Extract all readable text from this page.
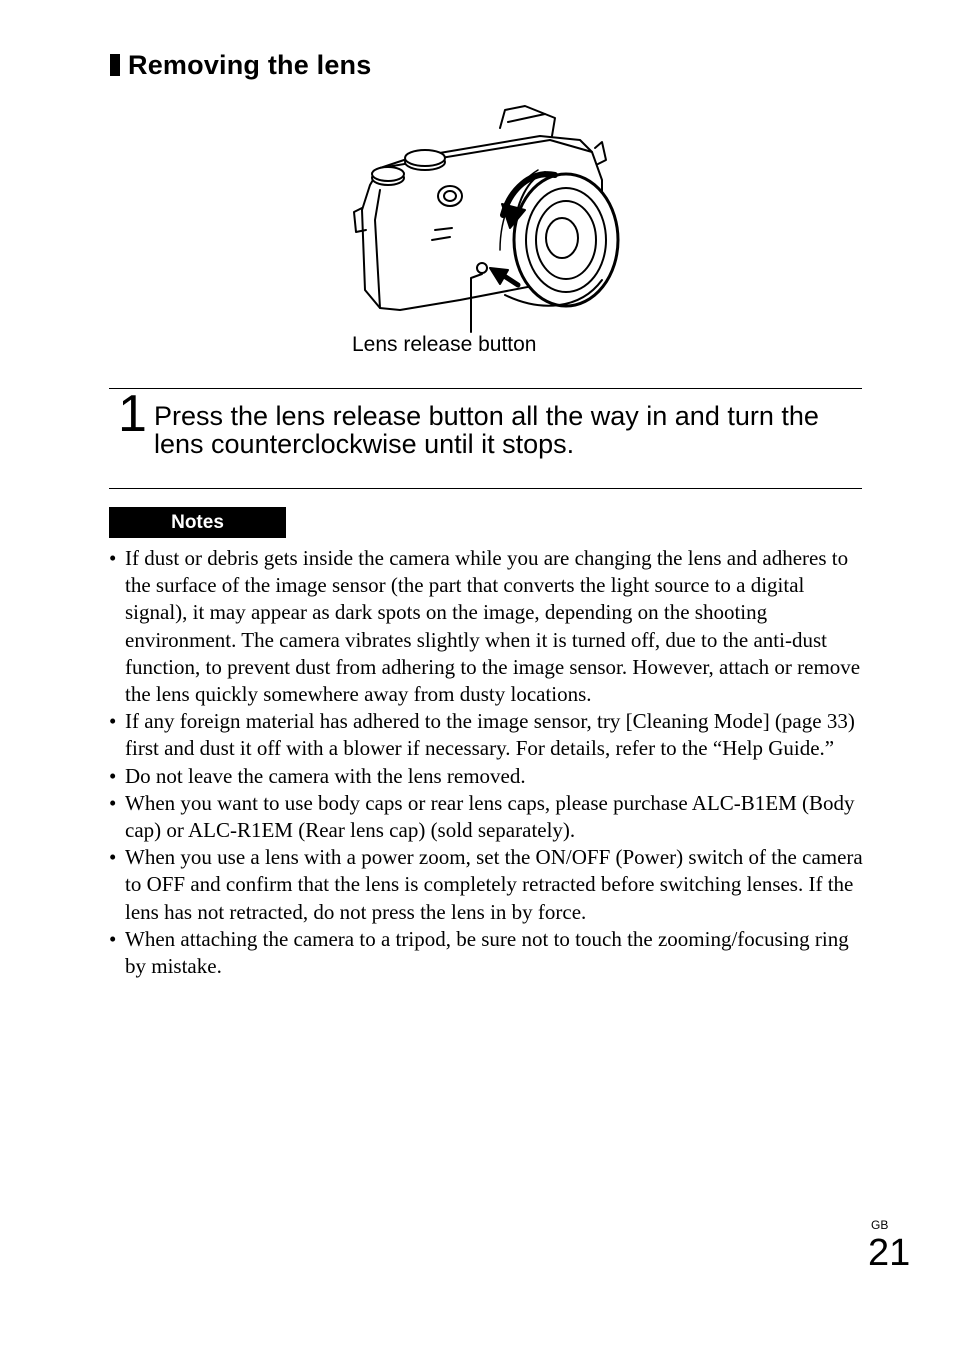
Removing the lens
Lens release button
1 Press the lens release button all the way in and turn the lens counterclockwise until it stops.
Notes
• If dust or debris gets inside the camera while you are changing the lens and adheres to the surface of the image sensor (the part that converts the light source to a digital signal), it may appear as dark spots on the image, depending on the shooting environment. The camera vibrates slightly when it is turned off, due to the anti-dust function, to prevent dust from adhering to the image sensor. However, attach or remove the lens quickly somewhere away from dusty locations.
• If any foreign material has adhered to the image sensor, try [Cleaning Mode] (page 33) first and dust it off with a blower if necessary. For details, refer to the “Help Guide.”
• Do not leave the camera with the lens removed.
• When you want to use body caps or rear lens caps, please purchase ALC-B1EM (Body cap) or ALC-R1EM (Rear lens cap) (sold separately).
• When you use a lens with a power zoom, set the ON/OFF (Power) switch of the camera to OFF and confirm that the lens is completely retracted before switching lenses. If the lens has not retracted, do not press the lens in by force.
• When attaching the camera to a tripod, be sure not to touch the zooming/focusing ring by mistake.
GB
21
